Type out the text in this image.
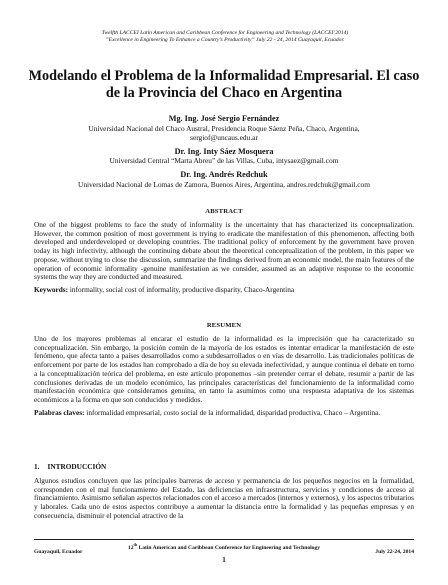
Twelfth LACCEI Latin American and Caribbean Conference for Engineering and Technology (LACCEI’2014)
”Excellence in Engineering To Enhance a Country’s Productivity” July 22 - 24, 2014 Guayaquil, Ecuador.
Modelando el Problema de la Informalidad Empresarial. El caso de la Provincia del Chaco en Argentina
Mg. Ing. José Sergio Fernández
Universidad Nacional del Chaco Austral, Presidencia Roque Sáenz Peña, Chaco, Argentina,
sergiof@uncaus.edu.ar
Dr. Ing. Inty Sáez Mosquera
Universidad Central “Marta Abreu” de las Villas, Cuba, intysaez@gmail.com
Dr. Ing. Andrés Redchuk
Universidad Nacional de Lomas de Zamora, Buenos Aires, Argentina, andres.redchuk@gmail.com
ABSTRACT
One of the biggest problems to face the study of informality is the uncertainty that has characterized its conceptualization. However, the common position of most government is trying to eradicate the manifestation of this phenomenon, affecting both developed and underdeveloped or developing countries. The traditional policy of enforcement by the government have proven today its high infectivity, although the continuing debate about the theoretical conceptualization of the problem, in this paper we propose, without trying to close the discussion, summarize the findings derived from an economic model, the main features of the operation of economic informality -genuine manifestation as we consider, assumed as an adaptive response to the economic systems the way they are conducted and measured.
Keywords: informality, social cost of informality, productive disparity, Chaco-Argentina
RESUMEN
Uno de los mayores problemas al encarar el estudio de la informalidad es la imprecisión que ha caracterizado su conceptualización. Sin embargo, la posición común de la mayoría de los estados es intentar erradicar la manifestación de este fenómeno, que afecta tanto a países desarrollados como a subdesarrollados o en vías de desarrollo. Las tradicionales políticas de enforcement por parte de los estados han comprobado a día de hoy su elevada inefectividad, y aunque continua el debate en torno a la conceptualización teórica del problema, en este artículo proponemos –sin pretender cerrar el debate, resumir a partir de las conclusiones derivadas de un modelo económico, las principales características del funcionamiento de la informalidad como manifestación económica que consideramos genuina, en tanto la asumimos como una respuesta adaptativa de los sistemas económicos a la forma en que son conducidos y medidos.
Palabras claves: informalidad empresarial, costo social de la informalidad, disparidad productiva, Chaco – Argentina.
1. INTRODUCCIÓN
Algunos estudios concluyen que las principales barreras de acceso y permanencia de los pequeños negocios en la formalidad, corresponden con el mal funcionamiento del Estado, las deficiencias en infraestructura, servicios y condiciones de acceso al financiamiento. Asimismo señalan aspectos relacionados con el acceso a mercados (internos y externos), y los aspectos tributarios y laborales. Cada uno de estos aspectos contribuye a aumentar la distancia entre la formalidad y las pequeñas empresas y en consecuencia, disminuir el potencial atractivo de la
12th Latin American and Caribbean Conference for Engineering and Technology
Guayaquil, Ecuador	July 22-24, 2014
1
